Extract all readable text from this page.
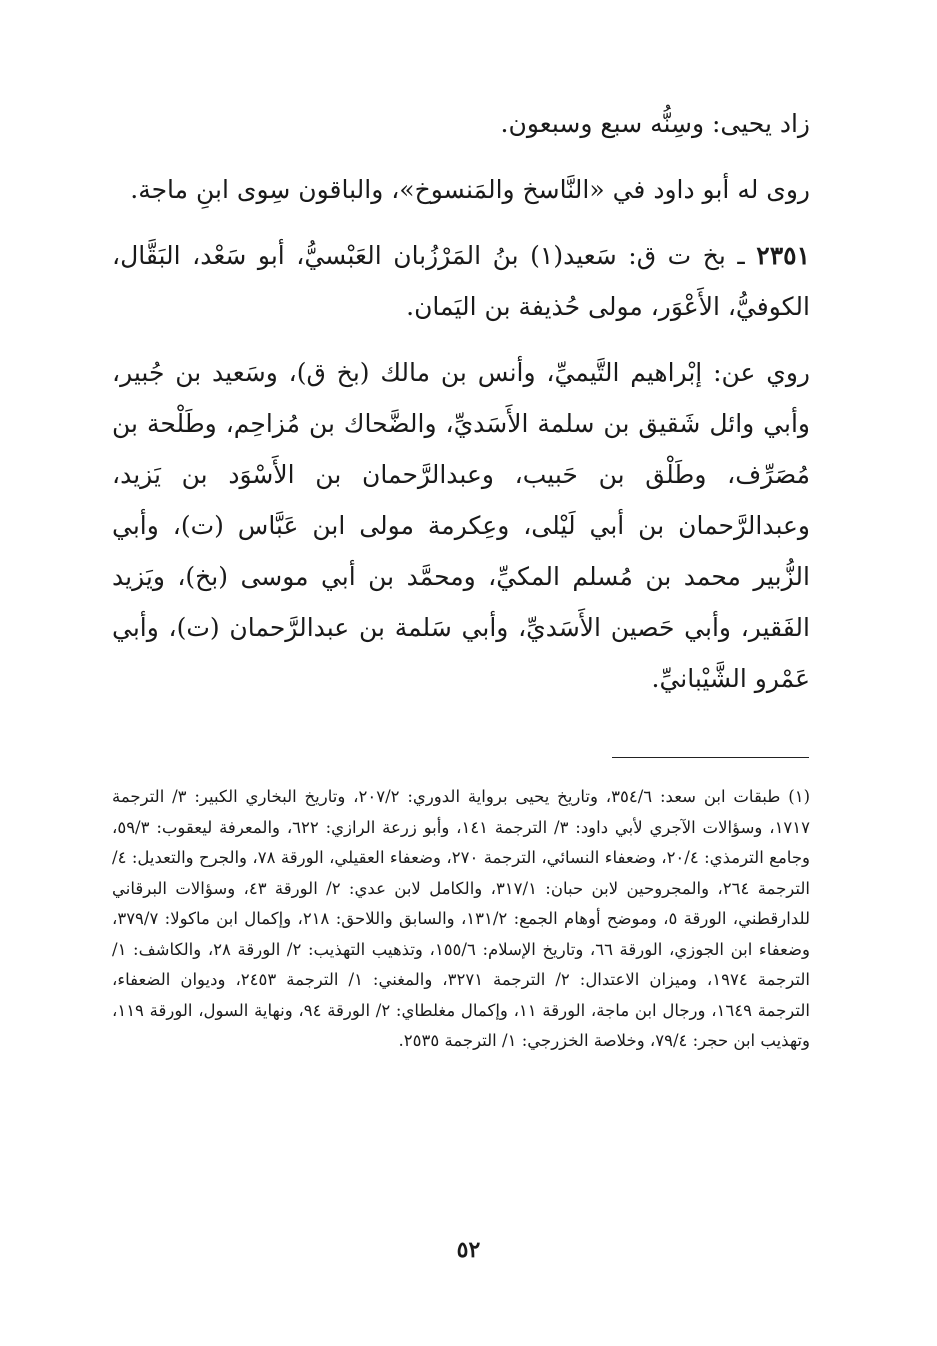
زاد يحيى: وسِنُّه سبع وسبعون.

روى له أبو داود في «النَّاسخ والمَنسوخ»، والباقون سِوى ابنِ ماجة.

٢٣٥١ ـ بخ ت ق: سَعيد(١) بنُ المَرْزُبان العَبْسيُّ، أبو سَعْد، البَقَّال، الكوفيُّ، الأَعْوَر، مولى حُذيفة بن اليَمان.

روي عن: إبْراهيم التَّيميِّ، وأنس بن مالك (بخ ق)، وسَعيد بن جُبير، وأبي وائل شَقيق بن سلمة الأَسَديِّ، والضَّحاك بن مُزاحِم، وطَلْحة بن مُصَرِّف، وطَلْق بن حَبيب، وعبدالرَّحمان بن الأَسْوَد بن يَزيد، وعبدالرَّحمان بن أبي لَيْلى، وعِكرمة مولى ابن عَبَّاس (ت)، وأبي الزُّبير محمد بن مُسلم المكيِّ، ومحمَّد بن أبي موسى (بخ)، ويَزيد الفَقير، وأبي حَصين الأَسَديِّ، وأبي سَلمة بن عبدالرَّحمان (ت)، وأبي عَمْرو الشَّيْبانيِّ.

(١) طبقات ابن سعد: ٣٥٤/٦، وتاريخ يحيى برواية الدوري: ٢٠٧/٢، وتاريخ البخاري الكبير: ٣/ الترجمة ١٧١٧، وسؤالات الآجري لأبي داود: ٣/ الترجمة ١٤١، وأبو زرعة الرازي: ٦٢٢، والمعرفة ليعقوب: ٥٩/٣، وجامع الترمذي: ٢٠/٤، وضعفاء النسائي، الترجمة ٢٧٠، وضعفاء العقيلي، الورقة ٧٨، والجرح والتعديل: ٤/ الترجمة ٢٦٤، والمجروحين لابن حبان: ٣١٧/١، والكامل لابن عدي: ٢/ الورقة ٤٣، وسؤالات البرقاني للدارقطني، الورقة ٥، وموضح أوهام الجمع: ١٣١/٢، والسابق واللاحق: ٢١٨، وإكمال ابن ماكولا: ٣٧٩/٧، وضعفاء ابن الجوزي، الورقة ٦٦، وتاريخ الإسلام: ١٥٥/٦، وتذهيب التهذيب: ٢/ الورقة ٢٨، والكاشف: ١/ الترجمة ١٩٧٤، وميزان الاعتدال: ٢/ الترجمة ٣٢٧١، والمغني: ١/ الترجمة ٢٤٥٣، وديوان الضعفاء، الترجمة ١٦٤٩، ورجال ابن ماجة، الورقة ١١، وإكمال مغلطاي: ٢/ الورقة ٩٤، ونهاية السول، الورقة ١١٩، وتهذيب ابن حجر: ٧٩/٤، وخلاصة الخزرجي: ١/ الترجمة ٢٥٣٥.

٥٢
